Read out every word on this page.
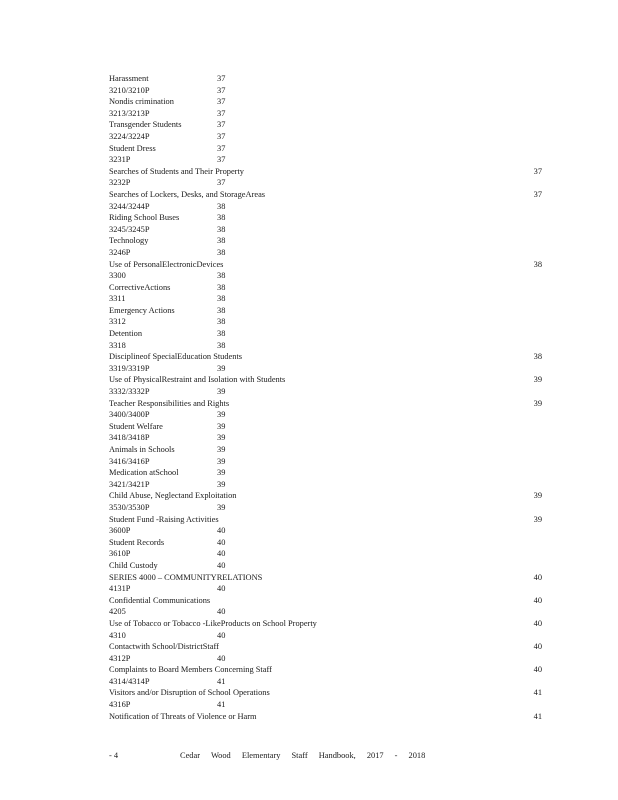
Harassment	37
3210/3210P	37
Nondis crimination	37
3213/3213P	37
Transgender Students	37
3224/3224P	37
Student Dress	37
3231P	37
Searches of Students and Their Property	37
3232P	37
Searches of Lockers, Desks, and StorageAreas	37
3244/3244P	38
Riding School Buses	38
3245/3245P	38
Technology	38
3246P	38
Use of PersonalElectronicDevices	38
3300	38
CorrectiveActions	38
3311	38
Emergency Actions	38
3312	38
Detention	38
3318	38
Disciplineof SpecialEducation Students	38
3319/3319P	39
Use of PhysicalRestraint and Isolation with Students	39
3332/3332P	39
Teacher Responsibilities and Rights	39
3400/3400P	39
Student Welfare	39
3418/3418P	39
Animals in Schools	39
3416/3416P	39
Medication atSchool	39
3421/3421P	39
Child Abuse, Neglectand Exploitation	39
3530/3530P	39
Student Fund -Raising Activities	39
3600P	40
Student Records	40
3610P	40
Child Custody	40
SERIES 4000 – COMMUNITYRELATIONS	40
4131P	40
Confidential Communications	40
4205	40
Use of Tobacco or Tobacco -LikeProducts on School Property	40
4310	40
Contactwith School/DistrictStaff	40
4312P	40
Complaints to Board Members Concerning Staff	40
4314/4314P	41
Visitors and/or Disruption of School Operations	41
4316P	41
Notification of Threats of Violence or Harm	41
- 4	Cedar Wood Elementary Staff Handbook, 2017 - 2018
